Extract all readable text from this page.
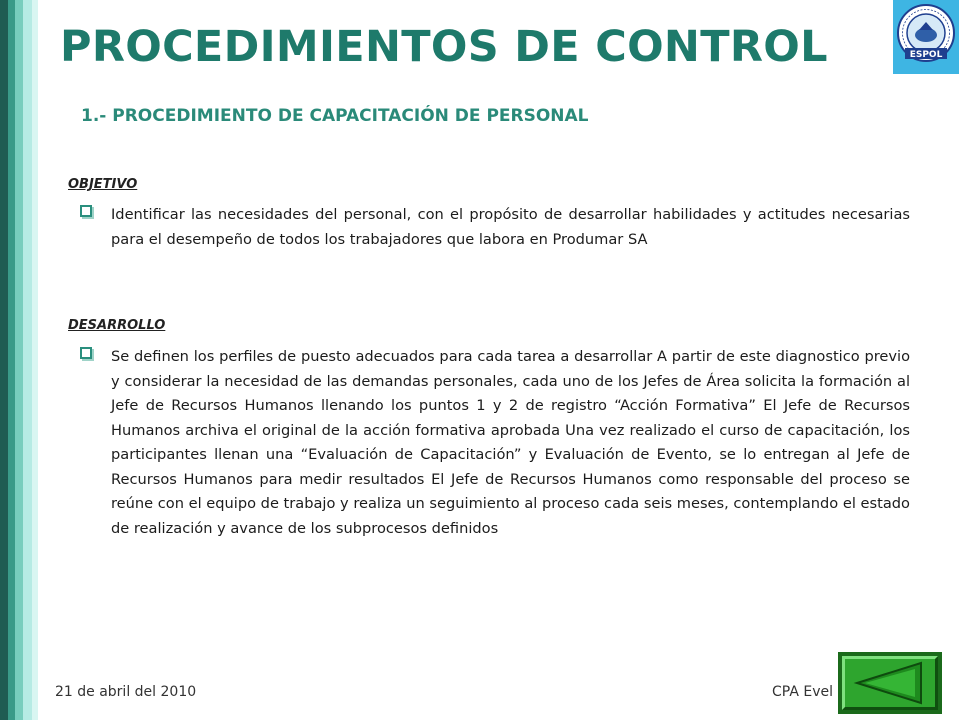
PROCEDIMIENTOS DE CONTROL	ESPOL
1.- PROCEDIMIENTO DE CAPACITACIÓN DE PERSONAL
OBJETIVO

Identificar las necesidades del personal, con el propósito de desarrollar habilidades y actitudes necesarias para el desempeño de todos los trabajadores que labora en Produmar SA

DESARROLLO

Se definen los perfiles de puesto adecuados para cada tarea a desarrollar A partir de este diagnostico previo y considerar la necesidad de las demandas personales, cada uno de los Jefes de Área solicita la formación al Jefe de Recursos Humanos llenando los puntos 1 y 2 de registro “Acción Formativa” El Jefe de Recursos Humanos archiva el original de la acción formativa aprobada Una vez realizado el curso de capacitación, los participantes llenan una “Evaluación de Capacitación” y Evaluación de Evento, se lo entregan al Jefe de Recursos Humanos para medir resultados El Jefe de Recursos Humanos como responsable del proceso se reúne con el equipo de trabajo y realiza un seguimiento al proceso cada seis meses, contemplando el estado de realización y avance de los subprocesos definidos

21 de abril del 2010	CPA Evel
